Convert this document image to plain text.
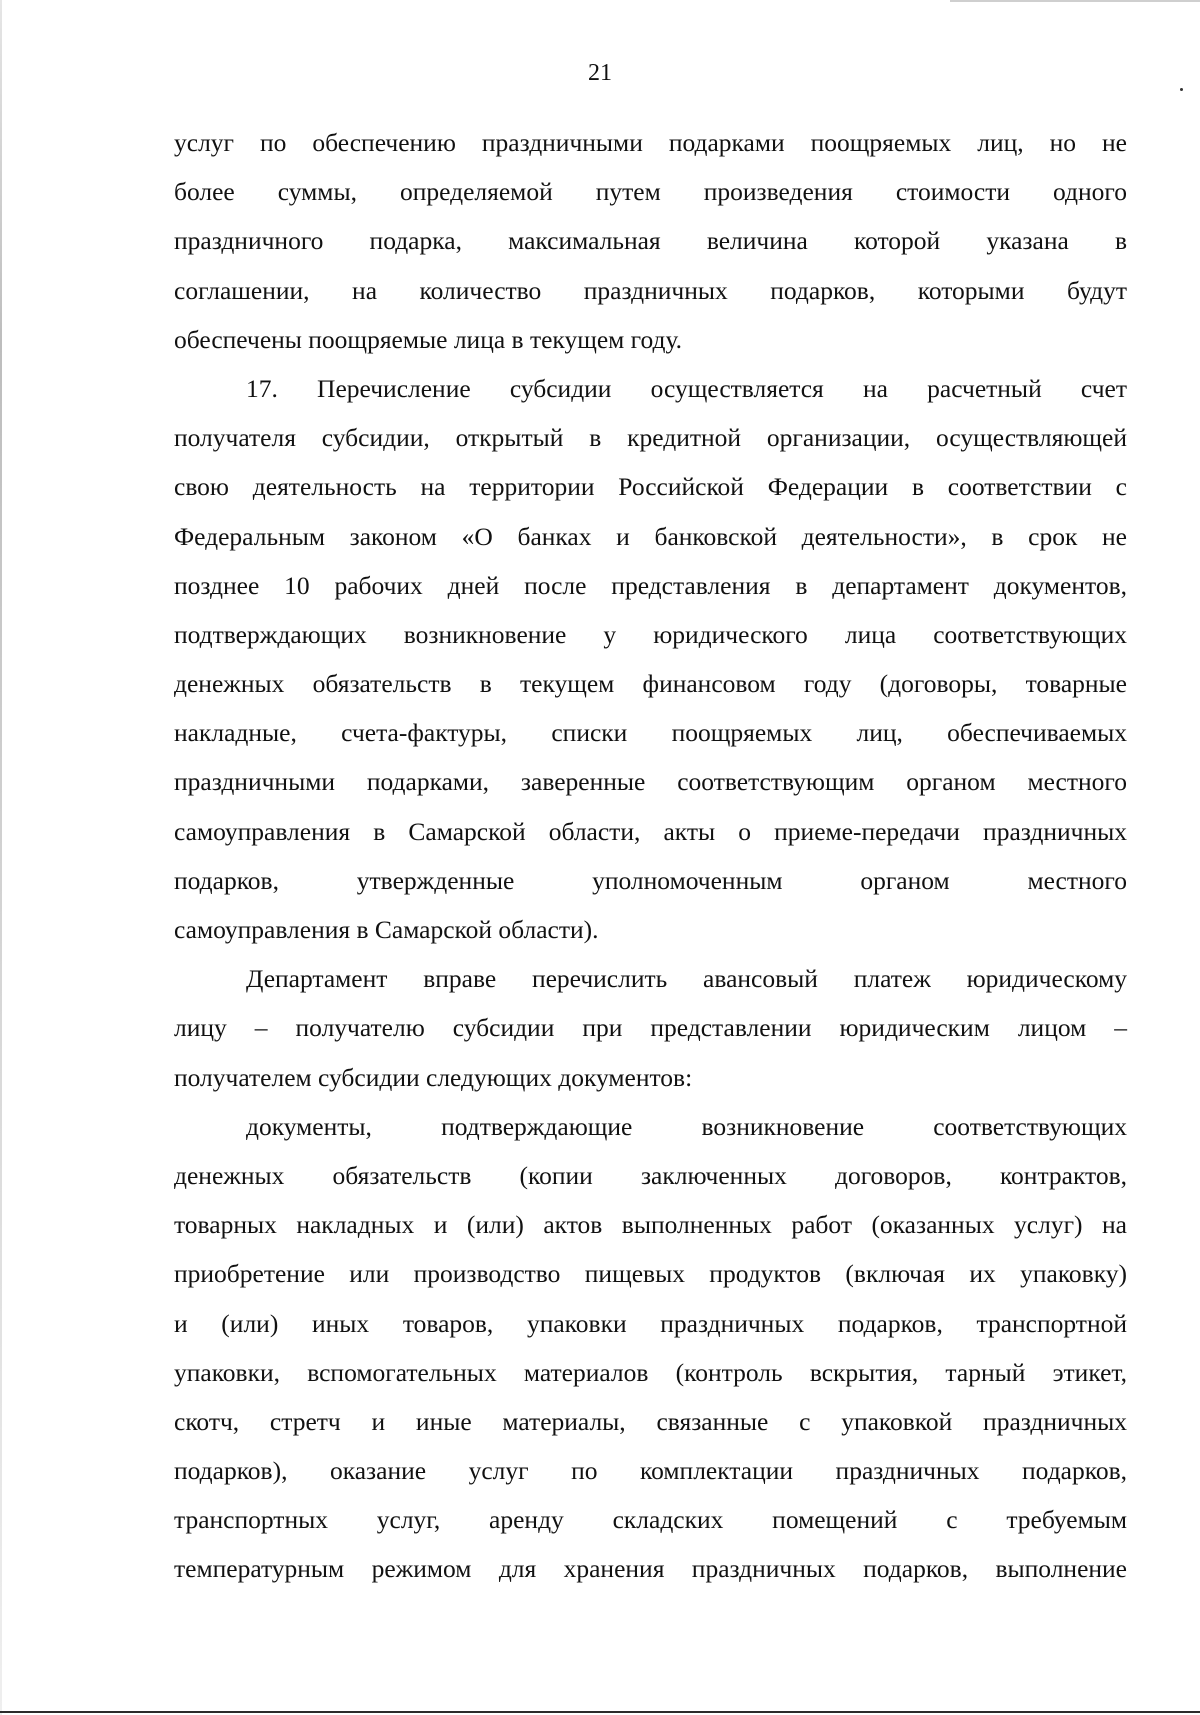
21
услуг по обеспечению праздничными подарками поощряемых лиц, но не
более суммы, определяемой путем произведения стоимости одного
праздничного подарка, максимальная величина которой указана в
соглашении, на количество праздничных подарков, которыми будут
обеспечены поощряемые лица в текущем году.
17. Перечисление субсидии осуществляется на расчетный счет
получателя субсидии, открытый в кредитной организации, осуществляющей
свою деятельность на территории Российской Федерации в соответствии с
Федеральным законом «О банках и банковской деятельности», в срок не
позднее 10 рабочих дней после представления в департамент документов,
подтверждающих возникновение у юридического лица соответствующих
денежных обязательств в текущем финансовом году (договоры, товарные
накладные, счета-фактуры, списки поощряемых лиц, обеспечиваемых
праздничными подарками, заверенные соответствующим органом местного
самоуправления в Самарской области, акты о приеме-передачи праздничных
подарков, утвержденные уполномоченным органом местного
самоуправления в Самарской области).
Департамент вправе перечислить авансовый платеж юридическому
лицу – получателю субсидии при представлении юридическим лицом –
получателем субсидии следующих документов:
документы, подтверждающие возникновение соответствующих
денежных обязательств (копии заключенных договоров, контрактов,
товарных накладных и (или) актов выполненных работ (оказанных услуг) на
приобретение или производство пищевых продуктов (включая их упаковку)
и (или) иных товаров, упаковки праздничных подарков, транспортной
упаковки, вспомогательных материалов (контроль вскрытия, тарный этикет,
скотч, стретч и иные материалы, связанные с упаковкой праздничных
подарков), оказание услуг по комплектации праздничных подарков,
транспортных услуг, аренду складских помещений с требуемым
температурным режимом для хранения праздничных подарков, выполнение
